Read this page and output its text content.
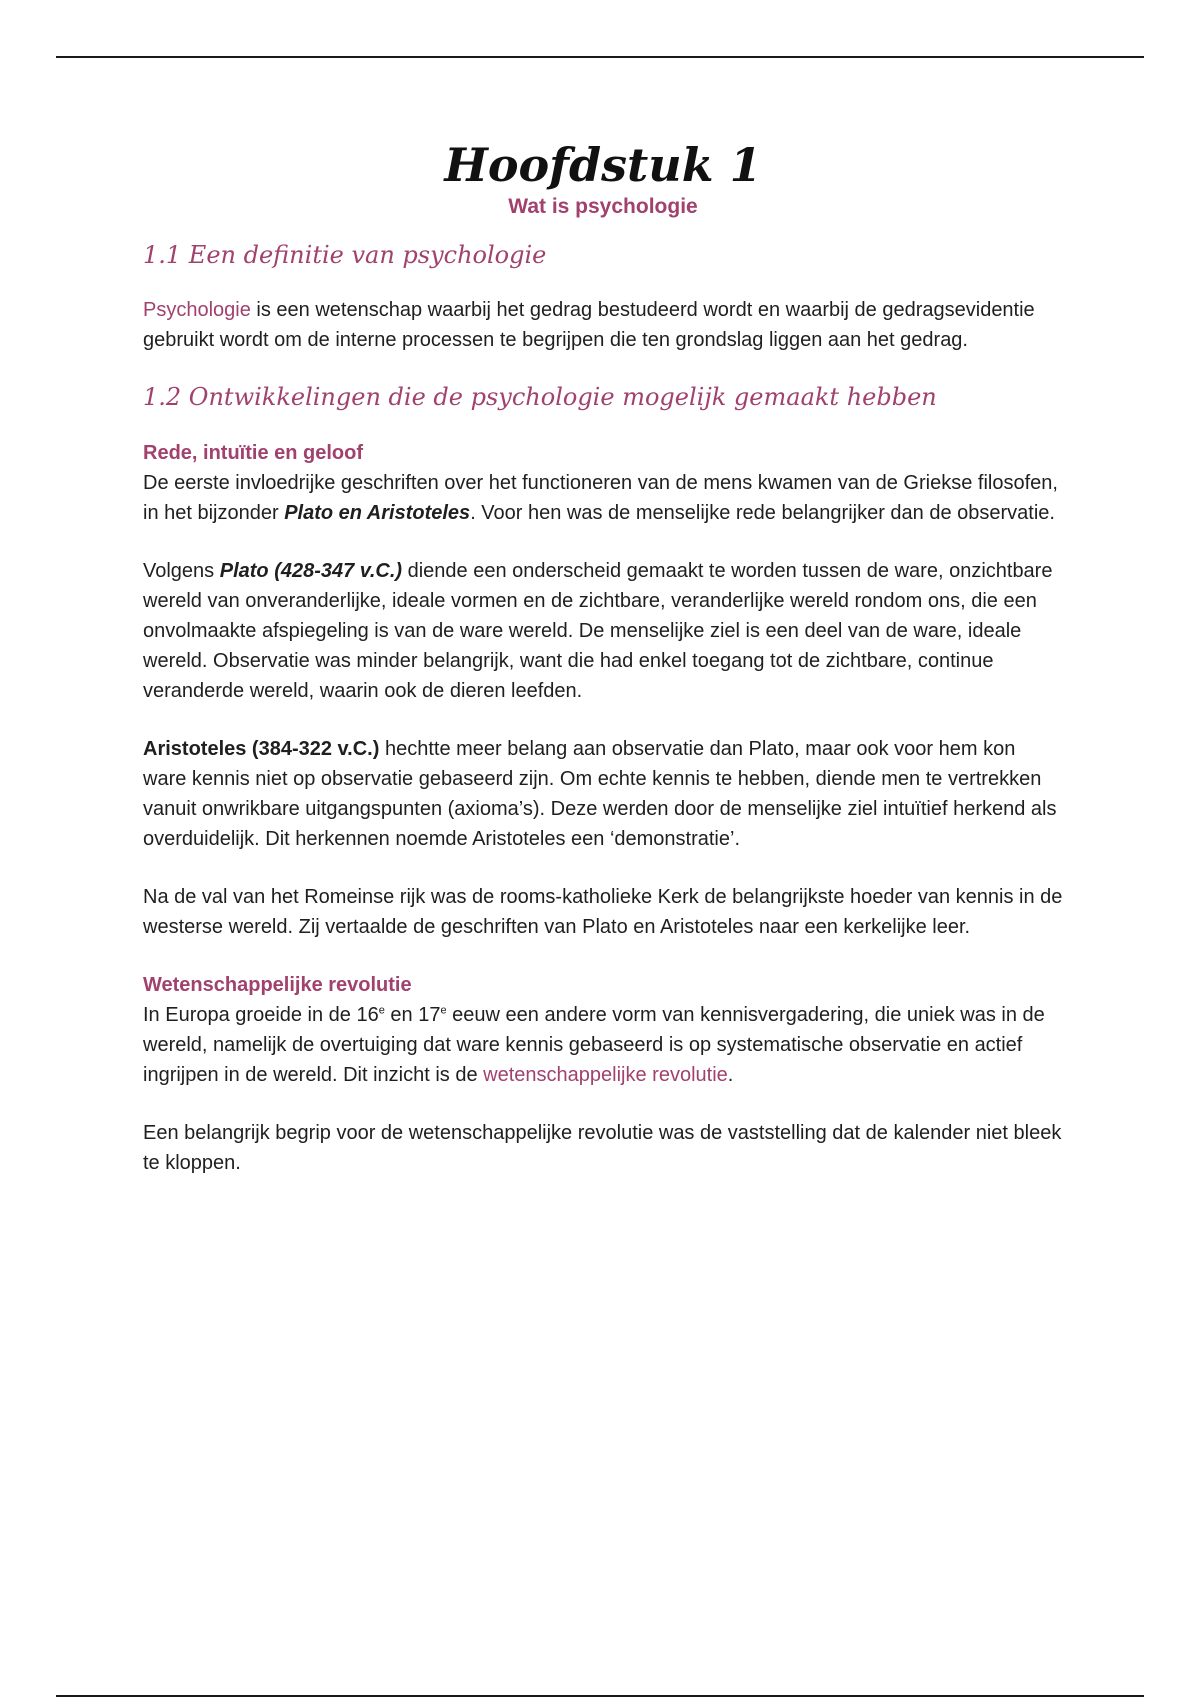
Hoofdstuk 1
Wat is psychologie
1.1 Een definitie van psychologie

Psychologie is een wetenschap waarbij het gedrag bestudeerd wordt en waarbij de gedragsevidentie gebruikt wordt om de interne processen te begrijpen die ten grondslag liggen aan het gedrag.

1.2 Ontwikkelingen die de psychologie mogelijk gemaakt hebben
Rede, intuïtie en geloof

De eerste invloedrijke geschriften over het functioneren van de mens kwamen van de Griekse filosofen, in het bijzonder Plato en Aristoteles. Voor hen was de menselijke rede belangrijker dan de observatie.

Volgens Plato (428-347 v.C.) diende een onderscheid gemaakt te worden tussen de ware, onzichtbare wereld van onveranderlijke, ideale vormen en de zichtbare, veranderlijke wereld rondom ons, die een onvolmaakte afspiegeling is van de ware wereld. De menselijke ziel is een deel van de ware, ideale wereld. Observatie was minder belangrijk, want die had enkel toegang tot de zichtbare, continue veranderde wereld, waarin ook de dieren leefden.

Aristoteles (384-322 v.C.) hechtte meer belang aan observatie dan Plato, maar ook voor hem kon ware kennis niet op observatie gebaseerd zijn. Om echte kennis te hebben, diende men te vertrekken vanuit onwrikbare uitgangspunten (axioma’s). Deze werden door de menselijke ziel intuïtief herkend als overduidelijk. Dit herkennen noemde Aristoteles een ‘demonstratie’.

Na de val van het Romeinse rijk was de rooms-katholieke Kerk de belangrijkste hoeder van kennis in de westerse wereld. Zij vertaalde de geschriften van Plato en Aristoteles naar een kerkelijke leer.

Wetenschappelijke revolutie

In Europa groeide in de 16e en 17e eeuw een andere vorm van kennisvergadering, die uniek was in de wereld, namelijk de overtuiging dat ware kennis gebaseerd is op systematische observatie en actief ingrijpen in de wereld. Dit inzicht is de wetenschappelijke revolutie.

Een belangrijk begrip voor de wetenschappelijke revolutie was de vaststelling dat de kalender niet bleek te kloppen.
